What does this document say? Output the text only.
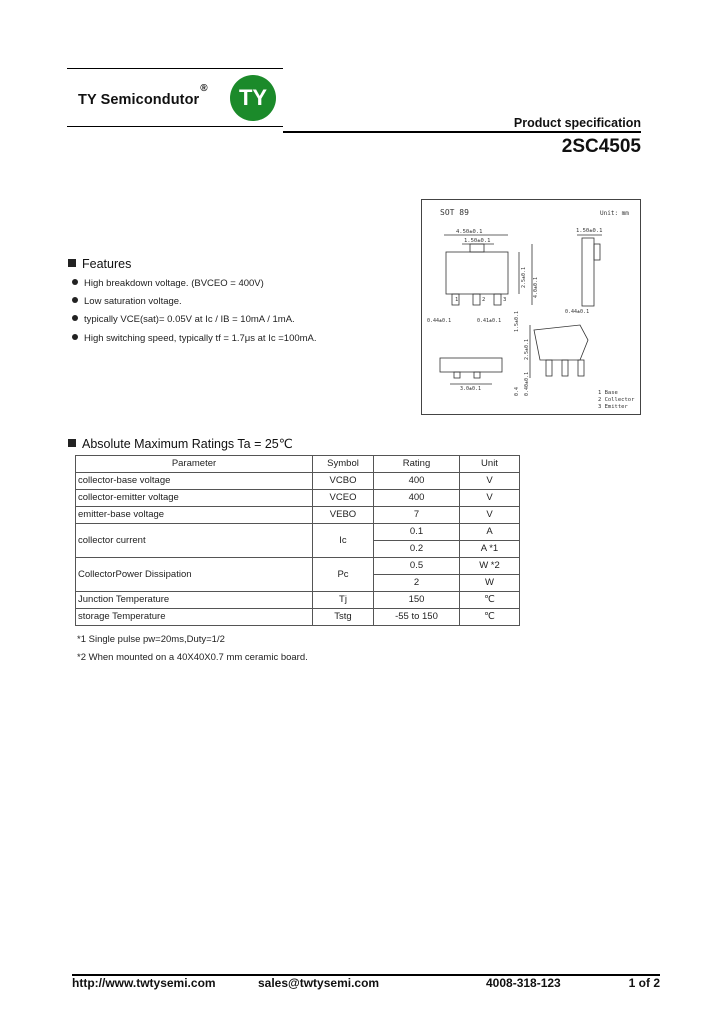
TY Semicondutor®	TY
Product specification
2SC4505
SOT 89	Unit: mm
4.50±0.1
1.50±0.1
1	2	3
0.44±0.1	0.41±0.1
2.5±0.1 4.0±0.1
1.50±0.1
0.44±0.1
3.0±0.1
2.5±0.1
0.40±0.1
1.5±0.1
0.4	1 Base
2 Collector
3 Emitter
Features
High breakdown voltage. (BVCEO = 400V)
Low saturation voltage.
typically VCE(sat)= 0.05V at Ic / IB = 10mA / 1mA.
High switching speed, typically tf = 1.7μs at Ic =100mA.
Absolute Maximum Ratings Ta = 25℃
Parameter	Symbol	Rating	Unit
collector-base voltage	VCBO	400	V
collector-emitter voltage	VCEO	400	V
emitter-base voltage	VEBO	7	V
collector current	Ic	0.1	A
		0.2	A *1
CollectorPower Dissipation	Pc	0.5	W *2
		2	W
Junction Temperature	Tj	150	℃
storage Temperature	Tstg	-55 to 150	℃
*1 Single pulse pw=20ms,Duty=1/2
*2 When mounted on a 40X40X0.7 mm ceramic board.
http://www.twtysemi.com	sales@twtysemi.com	4008-318-123	1 of 2
